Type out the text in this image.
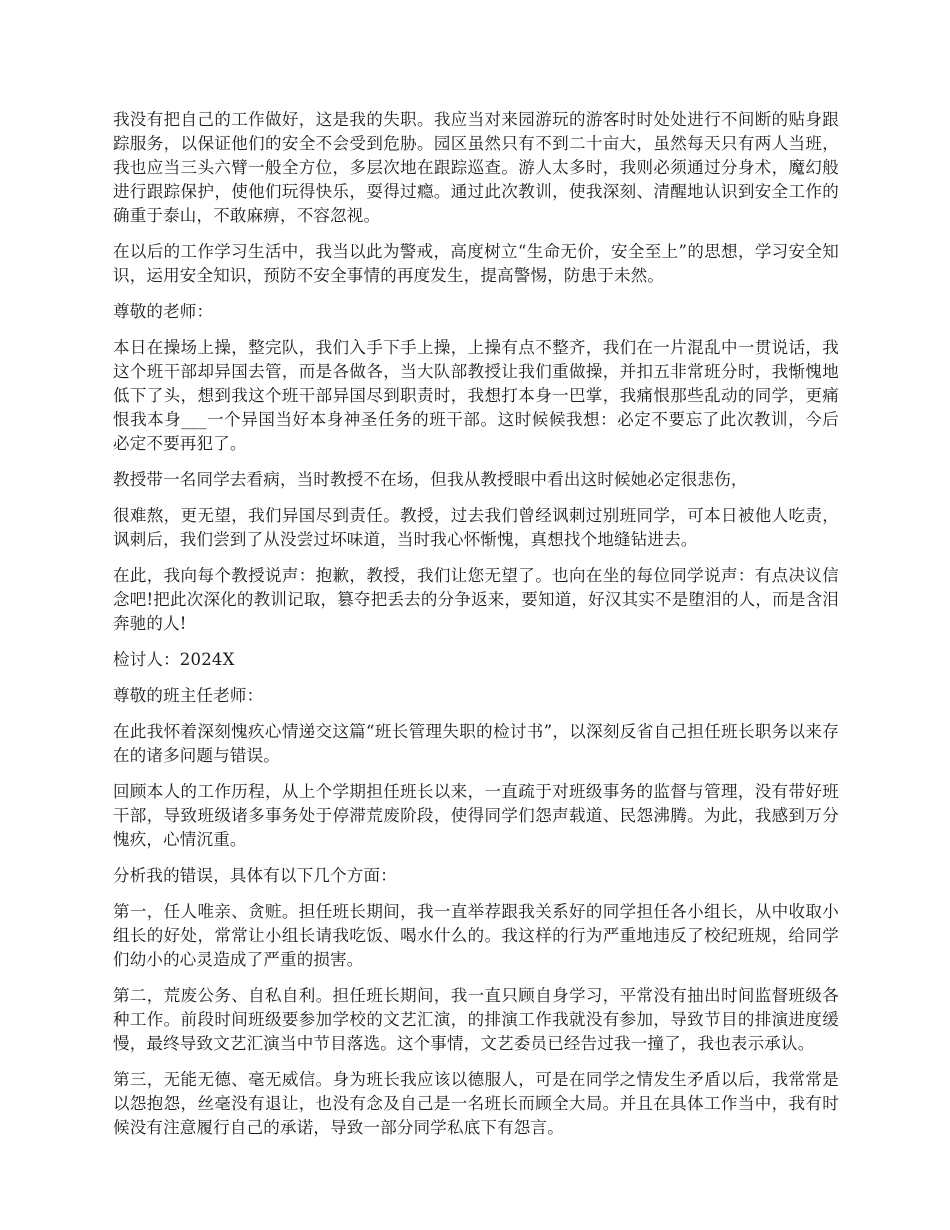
我没有把自己的工作做好，这是我的失职。我应当对来园游玩的游客时时处处进行不间断的贴身跟踪服务，以保证他们的安全不会受到危胁。园区虽然只有不到二十亩大，虽然每天只有两人当班，我也应当三头六臂一般全方位，多层次地在跟踪巡查。游人太多时，我则必须通过分身术，魔幻般进行跟踪保护，使他们玩得快乐，耍得过瘾。通过此次教训，使我深刻、清醒地认识到安全工作的确重于泰山，不敢麻痹，不容忽视。

在以后的工作学习生活中，我当以此为警戒，高度树立“生命无价，安全至上”的思想，学习安全知识，运用安全知识，预防不安全事情的再度发生，提高警惕，防患于未然。

尊敬的老师：

本日在操场上操，整完队，我们入手下手上操，上操有点不整齐，我们在一片混乱中一贯说话，我这个班干部却异国去管，而是各做各，当大队部教授让我们重做操，并扣五非常班分时，我惭愧地低下了头，想到我这个班干部异国尽到职责时，我想打本身一巴掌，我痛恨那些乱动的同学，更痛恨我本身___一个异国当好本身神圣任务的班干部。这时候候我想：必定不要忘了此次教训，今后必定不要再犯了。

教授带一名同学去看病，当时教授不在场，但我从教授眼中看出这时候她必定很悲伤，

很难熬，更无望，我们异国尽到责任。教授，过去我们曾经讽刺过别班同学，可本日被他人吃责，讽刺后，我们尝到了从没尝过坏味道，当时我心怀惭愧，真想找个地缝钻进去。

在此，我向每个教授说声：抱歉，教授，我们让您无望了。也向在坐的每位同学说声：有点决议信念吧!把此次深化的教训记取，篡夺把丢去的分争返来，要知道，好汉其实不是堕泪的人，而是含泪奔驰的人!

检讨人：2024X

尊敬的班主任老师：

在此我怀着深刻愧疚心情递交这篇“班长管理失职的检讨书”，以深刻反省自己担任班长职务以来存在的诸多问题与错误。

回顾本人的工作历程，从上个学期担任班长以来，一直疏于对班级事务的监督与管理，没有带好班干部，导致班级诸多事务处于停滞荒废阶段，使得同学们怨声载道、民怨沸腾。为此，我感到万分愧疚，心情沉重。

分析我的错误，具体有以下几个方面：

第一，任人唯亲、贪赃。担任班长期间，我一直举荐跟我关系好的同学担任各小组长，从中收取小组长的好处，常常让小组长请我吃饭、喝水什么的。我这样的行为严重地违反了校纪班规，给同学们幼小的心灵造成了严重的损害。

第二，荒废公务、自私自利。担任班长期间，我一直只顾自身学习，平常没有抽出时间监督班级各种工作。前段时间班级要参加学校的文艺汇演，的排演工作我就没有参加，导致节目的排演进度缓慢，最终导致文艺汇演当中节目落选。这个事情，文艺委员已经告过我一撞了，我也表示承认。

第三，无能无德、毫无威信。身为班长我应该以德服人，可是在同学之情发生矛盾以后，我常常是以怨抱怨，丝毫没有退让，也没有念及自己是一名班长而顾全大局。并且在具体工作当中，我有时候没有注意履行自己的承诺，导致一部分同学私底下有怨言。
